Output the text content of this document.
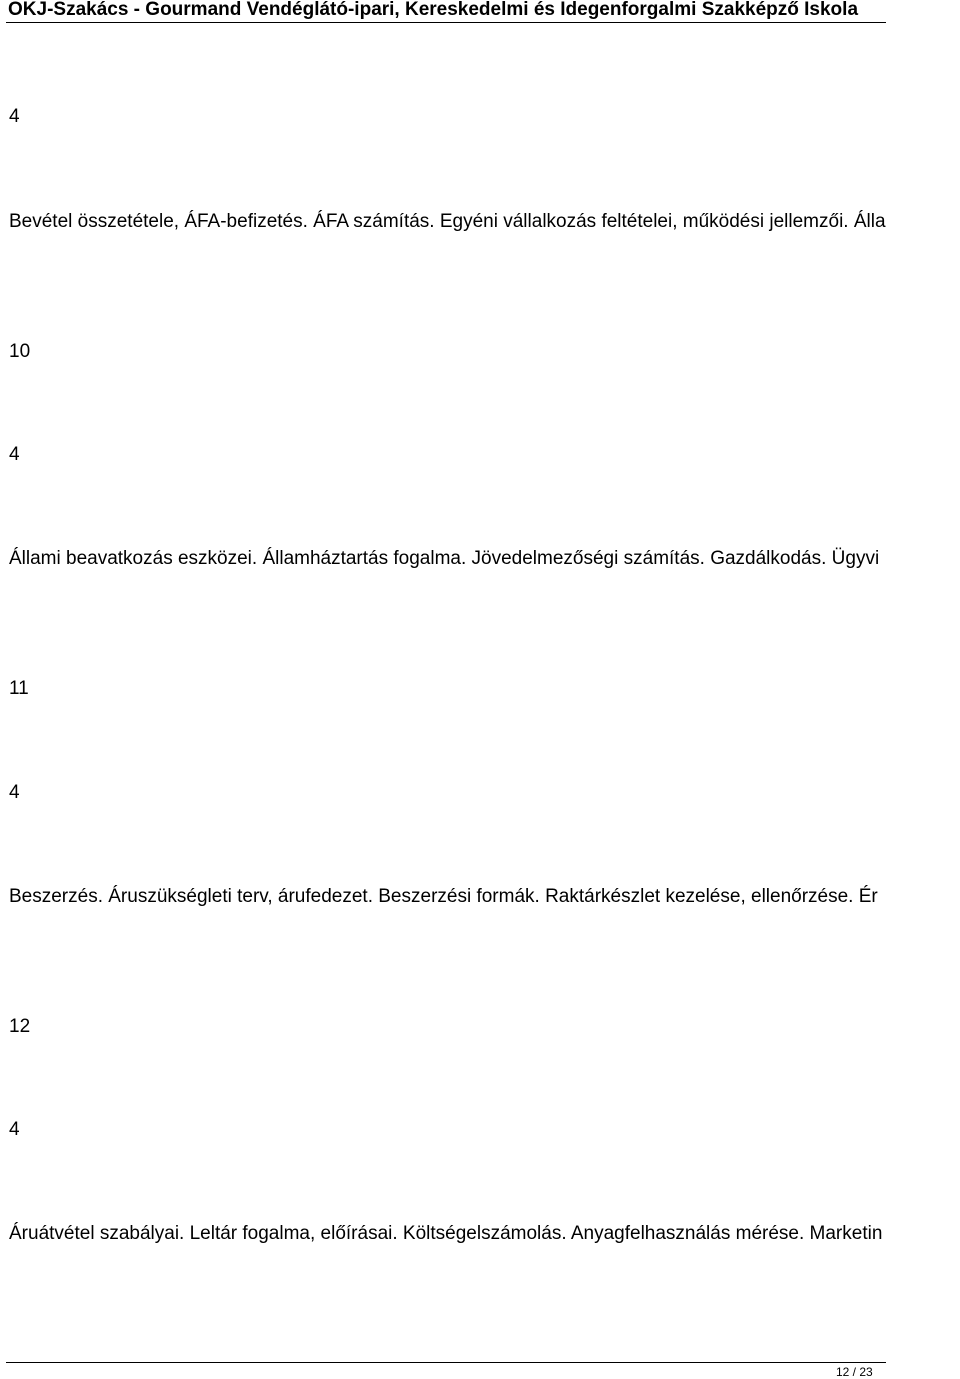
OKJ-Szakács - Gourmand Vendéglátó-ipari, Kereskedelmi és Idegenforgalmi Szakképző Iskola
4
Bevétel összetétele, ÁFA-befizetés. ÁFA számítás. Egyéni vállalkozás feltételei, működési jellemzői. Álla
10
4
Állami beavatkozás eszközei. Államháztartás fogalma. Jövedelmezőségi számítás. Gazdálkodás. Ügyvi
11
4
Beszerzés. Áruszükségleti terv, árufedezet. Beszerzési formák. Raktárkészlet kezelése, ellenőrzése. Ér
12
4
Áruátvétel szabályai. Leltár fogalma, előírásai. Költségelszámolás. Anyagfelhasználás mérése. Marketin
12 / 23
